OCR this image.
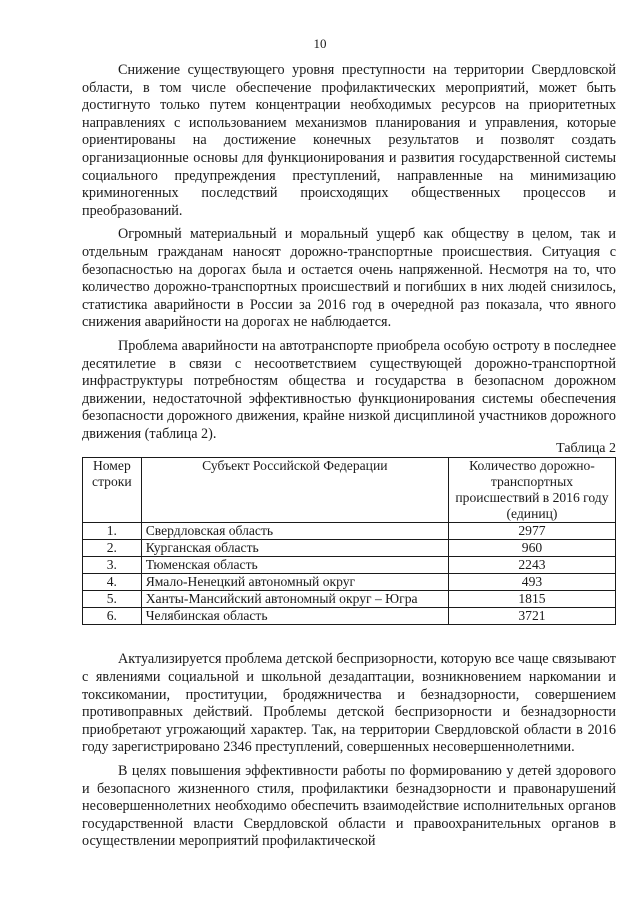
10

Снижение существующего уровня преступности на территории Свердловской области, в том числе обеспечение профилактических мероприятий, может быть достигнуто только путем концентрации необходимых ресурсов на приоритетных направлениях с использованием механизмов планирования и управления, которые ориентированы на достижение конечных результатов и позволят создать организационные основы для функционирования и развития государственной системы социального предупреждения преступлений, направленные на минимизацию криминогенных последствий происходящих общественных процессов и преобразований.

Огромный материальный и моральный ущерб как обществу в целом, так и отдельным гражданам наносят дорожно-транспортные происшествия. Ситуация с безопасностью на дорогах была и остается очень напряженной. Несмотря на то, что количество дорожно-транспортных происшествий и погибших в них людей снизилось, статистика аварийности в России за 2016 год в очередной раз показала, что явного снижения аварийности на дорогах не наблюдается.

Проблема аварийности на автотранспорте приобрела особую остроту в последнее десятилетие в связи с несоответствием существующей дорожно-транспортной инфраструктуры потребностям общества и государства в безопасном дорожном движении, недостаточной эффективностью функционирования системы обеспечения безопасности дорожного движения, крайне низкой дисциплиной участников дорожного движения (таблица 2).

Таблица 2
Номер строки	Субъект Российской Федерации	Количество дорожно-транспортных происшествий в 2016 году (единиц)
1.	Свердловская область	2977
2.	Курганская область	960
3.	Тюменская область	2243
4.	Ямало-Ненецкий автономный округ	493
5.	Ханты-Мансийский автономный округ – Югра	1815
6.	Челябинская область	3721

Актуализируется проблема детской беспризорности, которую все чаще связывают с явлениями социальной и школьной дезадаптации, возникновением наркомании и токсикомании, проституции, бродяжничества и безнадзорности, совершением противоправных действий. Проблемы детской беспризорности и безнадзорности приобретают угрожающий характер. Так, на территории Свердловской области в 2016 году зарегистрировано 2346 преступлений, совершенных несовершеннолетними.

В целях повышения эффективности работы по формированию у детей здорового и безопасного жизненного стиля, профилактики безнадзорности и правонарушений несовершеннолетних необходимо обеспечить взаимодействие исполнительных органов государственной власти Свердловской области и правоохранительных органов в осуществлении мероприятий профилактической
